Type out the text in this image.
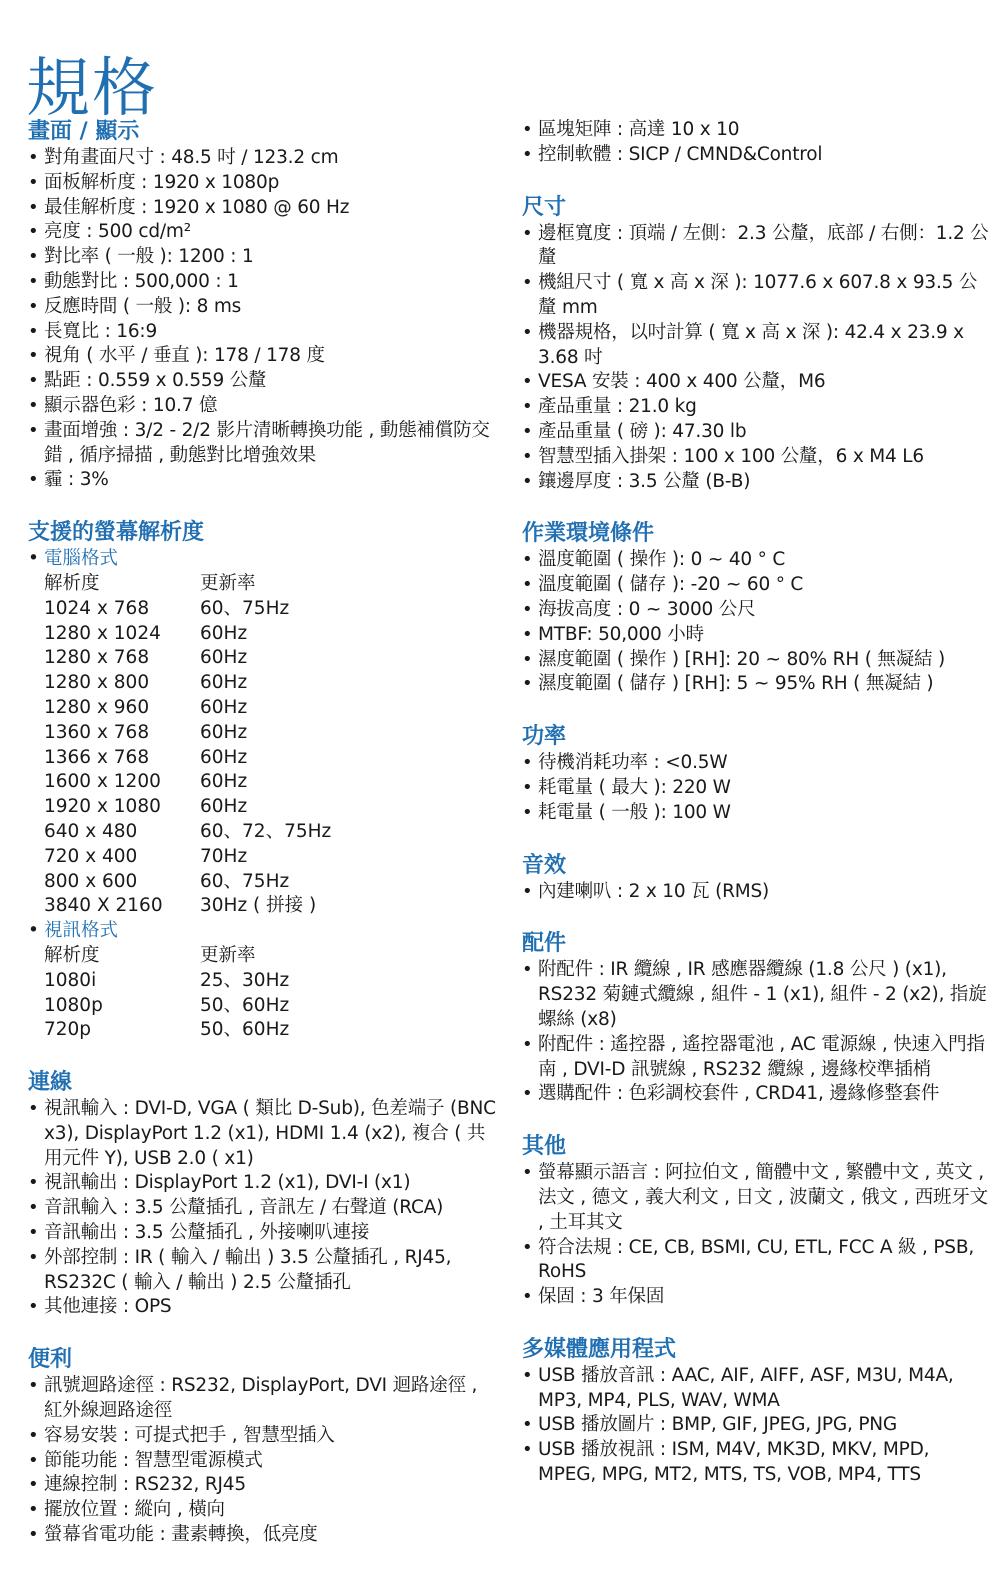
規格
畫面 / 顯示
• 對角畫面尺寸 : 48.5 吋 / 123.2 cm
• 面板解析度 : 1920 x 1080p
• 最佳解析度 : 1920 x 1080 @ 60 Hz
• 亮度 : 500 cd/m²
• 對比率 ( 一般 ): 1200 : 1
• 動態對比 : 500,000 : 1
• 反應時間 ( 一般 ): 8 ms
• 長寬比 : 16:9
• 視角 ( 水平 / 垂直 ): 178 / 178 度
• 點距 : 0.559 x 0.559 公釐
• 顯示器色彩 : 10.7 億
• 畫面增強 : 3/2 - 2/2 影片清晰轉換功能 , 動態補償防交錯 , 循序掃描 , 動態對比增強效果
• 霾 : 3%
支援的螢幕解析度
• 電腦格式
解析度	更新率
1024 x 768	60、75Hz
1280 x 1024	60Hz
1280 x 768	60Hz
1280 x 800	60Hz
1280 x 960	60Hz
1360 x 768	60Hz
1366 x 768	60Hz
1600 x 1200	60Hz
1920 x 1080	60Hz
640 x 480	60、72、75Hz
720 x 400	70Hz
800 x 600	60、75Hz
3840 X 2160	30Hz ( 拼接 )
• 視訊格式
解析度	更新率
1080i	25、30Hz
1080p	50、60Hz
720p	50、60Hz
連線
• 視訊輸入 : DVI-D, VGA ( 類比 D-Sub), 色差端子 (BNC x3), DisplayPort 1.2 (x1), HDMI 1.4 (x2), 複合 ( 共用元件 Y), USB 2.0 ( x1)
• 視訊輸出 : DisplayPort 1.2 (x1), DVI-I (x1)
• 音訊輸入 : 3.5 公釐插孔 , 音訊左 / 右聲道 (RCA)
• 音訊輸出 : 3.5 公釐插孔 , 外接喇叭連接
• 外部控制 : IR ( 輸入 / 輸出 ) 3.5 公釐插孔 , RJ45, RS232C ( 輸入 / 輸出 ) 2.5 公釐插孔
• 其他連接 : OPS
便利
• 訊號迴路途徑 : RS232, DisplayPort, DVI 迴路途徑 , 紅外線迴路途徑
• 容易安裝 : 可提式把手 , 智慧型插入
• 節能功能 : 智慧型電源模式
• 連線控制 : RS232, RJ45
• 擺放位置 : 縱向 , 橫向
• 螢幕省電功能 : 畫素轉換，低亮度
• 區塊矩陣 : 高達 10 x 10
• 控制軟體 : SICP / CMND&Control
尺寸
• 邊框寬度 : 頂端 / 左側：2.3 公釐，底部 / 右側：1.2 公釐
• 機組尺寸 ( 寬 x 高 x 深 ): 1077.6 x 607.8 x 93.5 公釐 mm
• 機器規格，以吋計算 ( 寬 x 高 x 深 ): 42.4 x 23.9 x 3.68 吋
• VESA 安裝 : 400 x 400 公釐，M6
• 產品重量 : 21.0 kg
• 產品重量 ( 磅 ): 47.30 lb
• 智慧型插入掛架 : 100 x 100 公釐，6 x M4 L6
• 鑲邊厚度 : 3.5 公釐 (B-B)
作業環境條件
• 溫度範圍 ( 操作 ): 0 ~ 40 ° C
• 溫度範圍 ( 儲存 ): -20 ~ 60 ° C
• 海拔高度 : 0 ~ 3000 公尺
• MTBF: 50,000 小時
• 濕度範圍 ( 操作 ) [RH]: 20 ~ 80% RH ( 無凝結 )
• 濕度範圍 ( 儲存 ) [RH]: 5 ~ 95% RH ( 無凝結 )
功率
• 待機消耗功率 : <0.5W
• 耗電量 ( 最大 ): 220 W
• 耗電量 ( 一般 ): 100 W
音效
• 內建喇叭 : 2 x 10 瓦 (RMS)
配件
• 附配件 : IR 纜線 , IR 感應器纜線 (1.8 公尺 ) (x1), RS232 菊鏈式纜線 , 組件 - 1 (x1), 組件 - 2 (x2), 指旋螺絲 (x8)
• 附配件 : 遙控器 , 遙控器電池 , AC 電源線 , 快速入門指南 , DVI-D 訊號線 , RS232 纜線 , 邊緣校準插梢
• 選購配件 : 色彩調校套件 , CRD41, 邊緣修整套件
其他
• 螢幕顯示語言 : 阿拉伯文 , 簡體中文 , 繁體中文 , 英文 , 法文 , 德文 , 義大利文 , 日文 , 波蘭文 , 俄文 , 西班牙文 , 土耳其文
• 符合法規 : CE, CB, BSMI, CU, ETL, FCC A 級 , PSB, RoHS
• 保固 : 3 年保固
多媒體應用程式
• USB 播放音訊 : AAC, AIF, AIFF, ASF, M3U, M4A, MP3, MP4, PLS, WAV, WMA
• USB 播放圖片 : BMP, GIF, JPEG, JPG, PNG
• USB 播放視訊 : ISM, M4V, MK3D, MKV, MPD, MPEG, MPG, MT2, MTS, TS, VOB, MP4, TTS
